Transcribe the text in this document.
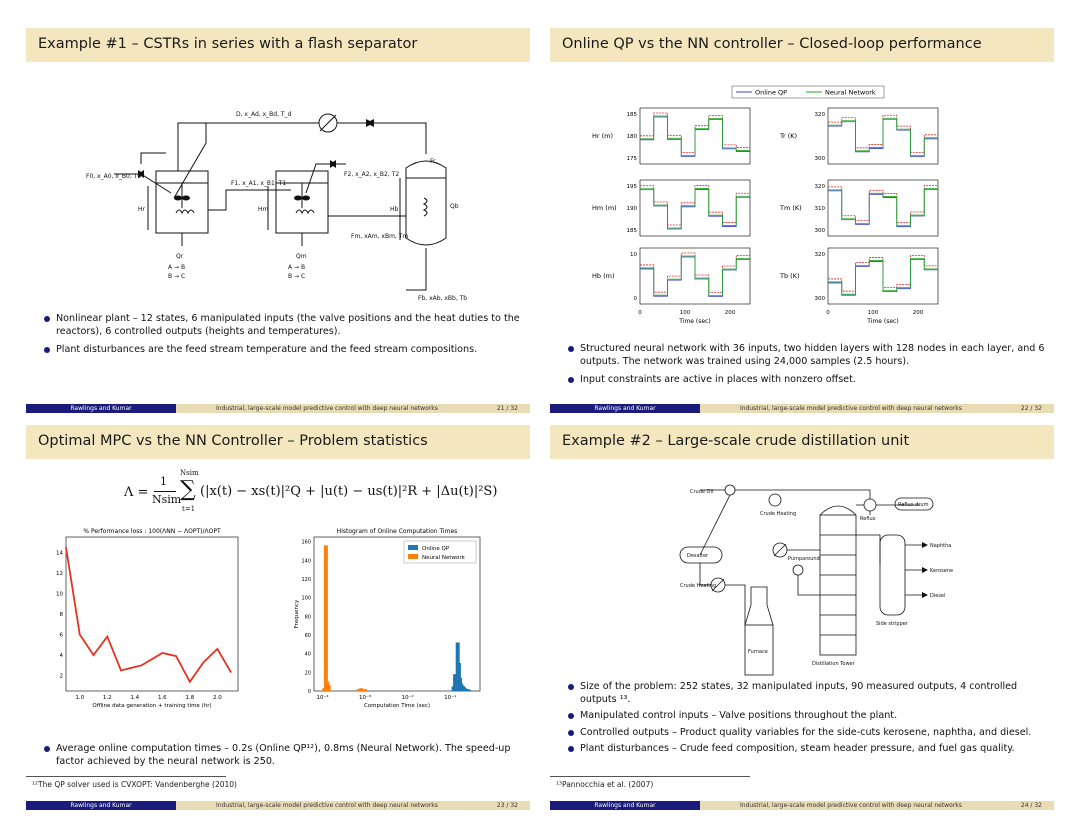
Example #1 – CSTRs in series with a flash separator
D, x_Ad, x_Bd, T_d
F0, x_A0, x_B0, T0
F1, x_A1, x_B1, T1
F2, x_A2, x_B2, T2
Fr
Hr	Hm	Hb
Qr	Qm
Qb
A → B
B → C
A → B
B → C
Fm, xAm, xBm, Tm
Fb, xAb, xBb, Tb
Nonlinear plant – 12 states, 6 manipulated inputs (the valve positions and the heat duties to the reactors), 6 controlled outputs (heights and temperatures).
Plant disturbances are the feed stream temperature and the feed stream compositions.
Rawlings and Kumar	Industrial, large-scale model predictive control with deep neural networks	21 / 32
Online QP vs the NN controller – Closed-loop performance
Online QP	Neural Network
Hr (m)
185
180
175
Tr (K)
320
300
Hm (m)
195
190
185
Tm (K)
320
310
300
Hb (m)
10
0
Tb (K)
320
300
0	100	200
Time (sec)
0	100	200
Time (sec)
Structured neural network with 36 inputs, two hidden layers with 128 nodes in each layer, and 6 outputs. The network was trained using 24,000 samples (2.5 hours).
Input constraints are active in places with nonzero offset.
Rawlings and Kumar	Industrial, large-scale model predictive control with deep neural networks	22 / 32
Optimal MPC vs the NN Controller – Problem statistics
Λ =
1
Nsim
Nsim
∑
t=1
(|x(t) − xs(t)|²Q + |u(t) − us(t)|²R + |Δu(t)|²S)
% Performance loss : 100(ΛNN − ΛOPT)/ΛOPT
14
12
10
8
6
4
2
1.0	1.2	1.4	1.6	1.8	2.0
Offline data generation + training time (hr)
Histogram of Online Computation Times
160
140
120
100
80
60
40
20
0
10⁻⁴	10⁻³	10⁻²	10⁻¹
Computation Time (sec)
Frequency
Online QP
Neural Network
Average online computation times – 0.2s (Online QP¹²), 0.8ms (Neural Network). The speed-up factor achieved by the neural network is 250.
¹²The QP solver used is CVXOPT: Vandenberghe (2010)
Rawlings and Kumar	Industrial, large-scale model predictive control with deep neural networks	23 / 32
Example #2 – Large-scale crude distillation unit
Crude Oil
Crude Heating
Desalter
Crude Heating
Pumparound
Furnace
Reflux
Reflux drum
Naphtha
Kerosene
Diesel
Side stripper
Distillation Tower
Size of the problem: 252 states, 32 manipulated inputs, 90 measured outputs, 4 controlled outputs ¹³.
Manipulated control inputs – Valve positions throughout the plant.
Controlled outputs – Product quality variables for the side-cuts kerosene, naphtha, and diesel.
Plant disturbances – Crude feed composition, steam header pressure, and fuel gas quality.
¹³Pannocchia et al. (2007)
Rawlings and Kumar	Industrial, large-scale model predictive control with deep neural networks	24 / 32
